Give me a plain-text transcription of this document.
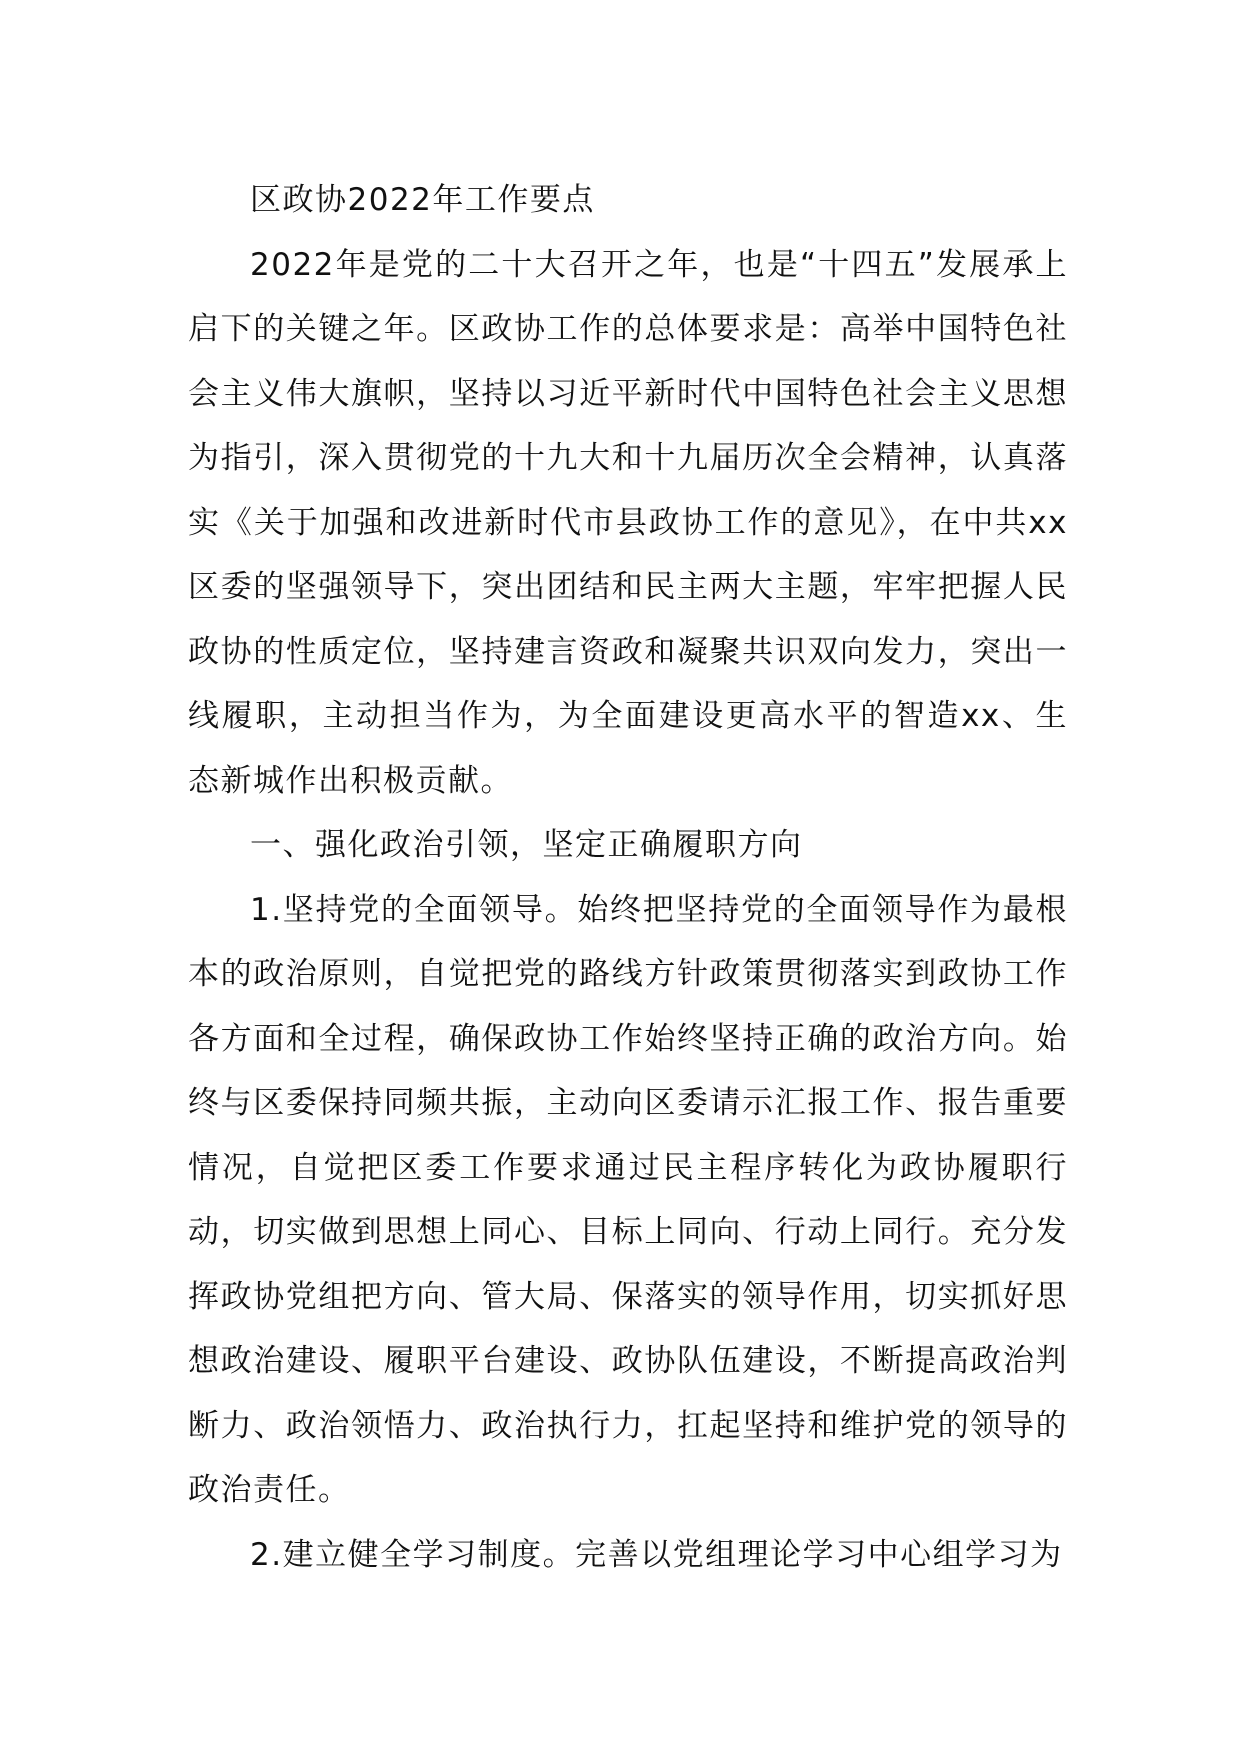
区政协2022年工作要点

2022年是党的二十大召开之年，也是“十四五”发展承上启下的关键之年。区政协工作的总体要求是：高举中国特色社会主义伟大旗帜，坚持以习近平新时代中国特色社会主义思想为指引，深入贯彻党的十九大和十九届历次全会精神，认真落实《关于加强和改进新时代市县政协工作的意见》，在中共xx区委的坚强领导下，突出团结和民主两大主题，牢牢把握人民政协的性质定位，坚持建言资政和凝聚共识双向发力，突出一线履职，主动担当作为，为全面建设更高水平的智造xx、生态新城作出积极贡献。

一、强化政治引领，坚定正确履职方向

1.坚持党的全面领导。始终把坚持党的全面领导作为最根本的政治原则，自觉把党的路线方针政策贯彻落实到政协工作各方面和全过程，确保政协工作始终坚持正确的政治方向。始终与区委保持同频共振，主动向区委请示汇报工作、报告重要情况，自觉把区委工作要求通过民主程序转化为政协履职行动，切实做到思想上同心、目标上同向、行动上同行。充分发挥政协党组把方向、管大局、保落实的领导作用，切实抓好思想政治建设、履职平台建设、政协队伍建设，不断提高政治判断力、政治领悟力、政治执行力，扛起坚持和维护党的领导的政治责任。

2.建立健全学习制度。完善以党组理论学习中心组学习为
